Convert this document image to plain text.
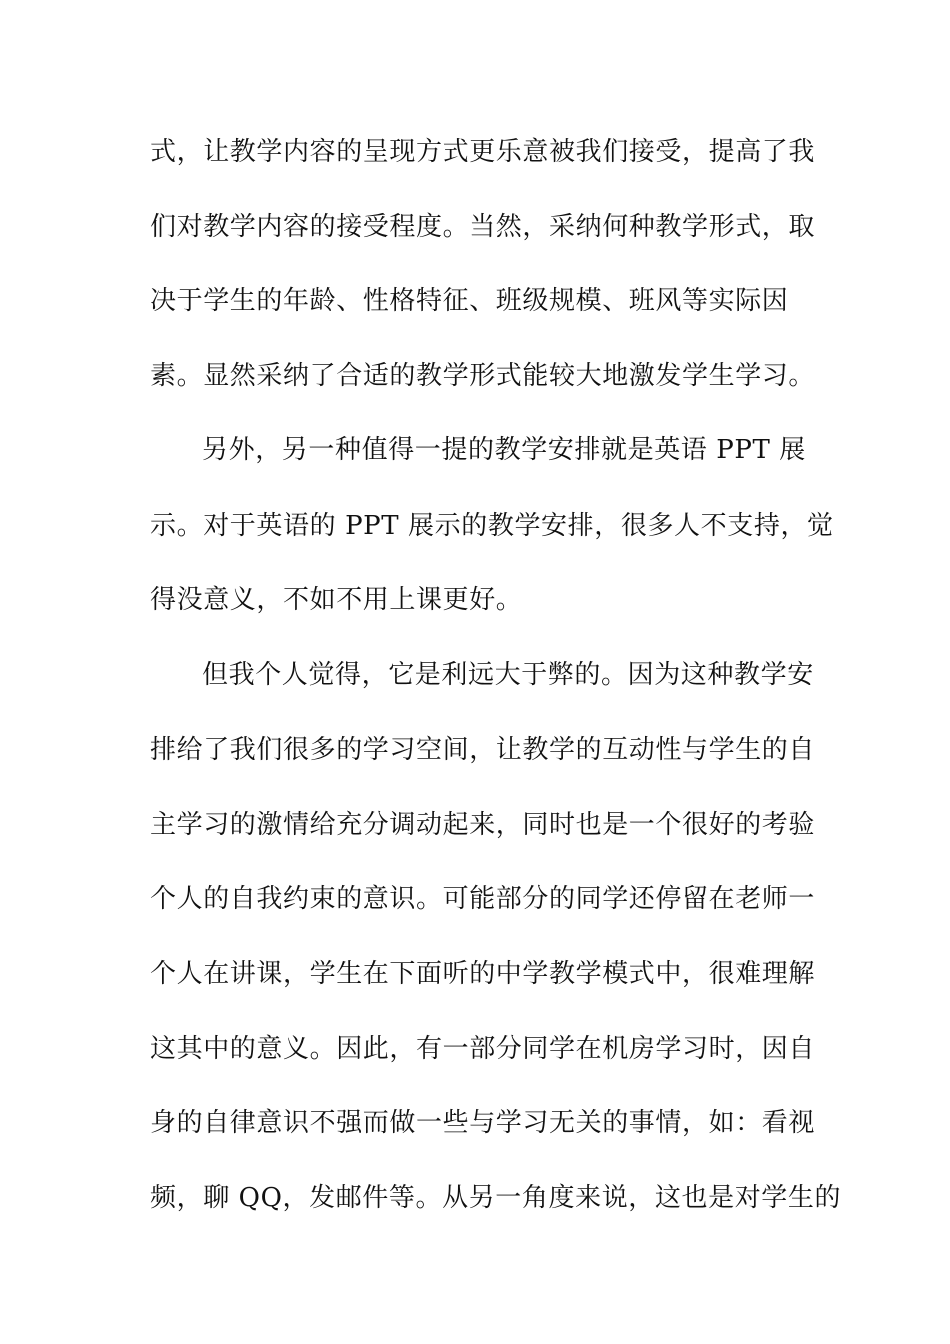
式，让教学内容的呈现方式更乐意被我们接受，提高了我
们对教学内容的接受程度。当然，采纳何种教学形式，取
决于学生的年龄、性格特征、班级规模、班风等实际因
素。显然采纳了合适的教学形式能较大地激发学生学习。
另外，另一种值得一提的教学安排就是英语 PPT 展
示。对于英语的 PPT 展示的教学安排，很多人不支持，觉
得没意义，不如不用上课更好。
但我个人觉得，它是利远大于弊的。因为这种教学安
排给了我们很多的学习空间，让教学的互动性与学生的自
主学习的激情给充分调动起来，同时也是一个很好的考验
个人的自我约束的意识。可能部分的同学还停留在老师一
个人在讲课，学生在下面听的中学教学模式中，很难理解
这其中的意义。因此，有一部分同学在机房学习时，因自
身的自律意识不强而做一些与学习无关的事情，如：看视
频，聊 QQ，发邮件等。从另一角度来说，这也是对学生的
